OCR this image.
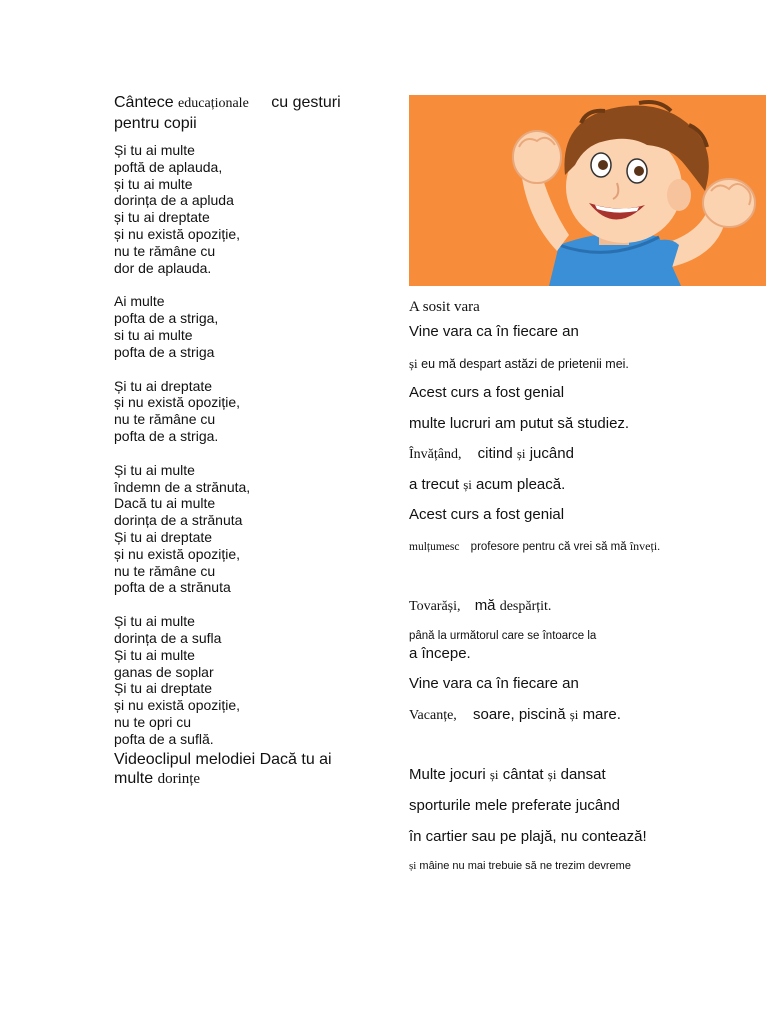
Cântece educaționale cu gesturi
pentru copii
Și tu ai multe
poftă de aplauda,
și tu ai multe
dorința de a apluda
și tu ai dreptate
și nu există opoziție,
nu te rămâne cu
dor de aplauda.
Ai multe
pofta de a striga,
si tu ai multe
pofta de a striga
Și tu ai dreptate
și nu există opoziție,
nu te rămâne cu
pofta de a striga.
Și tu ai multe
îndemn de a strănuta,
Dacă tu ai multe
dorința de a strănuta
Și tu ai dreptate
și nu există opoziție,
nu te rămâne cu
pofta de a strănuta
Și tu ai multe
dorința de a sufla
Și tu ai multe
ganas de soplar
Și tu ai dreptate
și nu există opoziție,
nu te opri cu
pofta de a suflă.
Videoclipul melodiei Dacă tu ai
multe dorințe
A sosit vara
Vine vara ca în fiecare an
și eu mă despart astăzi de prietenii mei.
Acest curs a fost genial
multe lucruri am putut să studiez.
Învățând, citind și jucând
a trecut și acum pleacă.
Acest curs a fost genial
mulțumesc profesore pentru că vrei să mă înveți.
Tovarăși, mă despărțit.
până la următorul care se întoarce la
a începe.
Vine vara ca în fiecare an
Vacanțe, soare, piscină și mare.
Multe jocuri și cântat și dansat
sporturile mele preferate jucând
în cartier sau pe plajă, nu contează!
și mâine nu mai trebuie să ne trezim devreme
